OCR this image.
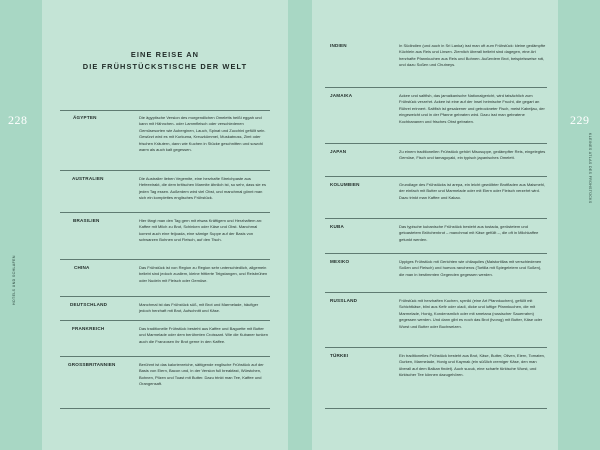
228	229
HOTELS UND SCHLAFEN
KLEINES ATLAS DES FRÜHSTÜCKS
EINE REISE AN
DIE FRÜHSTÜCKSTISCHE DER WELT
ÄGYPTEN	Die ägyptische Version des morgendlichen Omeletts heißt eggah und kann mit Hähnchen- oder Lammfleisch oder verschiedenen Gemüsesorten wie Auberginen, Lauch, Spinat und Zucchini gefüllt sein. Gewürzt wird es mit Kurkuma, Kreuzkümmel, Muskatnuss, Zimt oder frischen Kräutern, dann wie Kuchen in Stücke geschnitten und sowohl warm als auch kalt gegessen.
AUSTRALIEN	Die Australier lieben Vegemite, eine herzhafte Streichpaste aus Hefeextrakt, die dem britischen Marmite ähnlich ist, so sehr, dass sie es jeden Tag essen. Außerdem wird viel Obst, und manchmal gönnt man sich ein komplettes englisches Frühstück.
BRASILIEN	Hier fängt man den Tag gern mit etwas Kräftigem und Herzhaftem an: Kaffee mit Milch zu Brot, Schinken oder Käse und Obst. Manchmal kommt auch eine feijoada, eine sämige Suppe auf der Basis von schwarzen Bohnen und Fleisch, auf den Tisch.
CHINA	Das Frühstück ist von Region zu Region sehr unterschiedlich, allgemein beliebt sind jedoch zuallem, kleine frittierte Teigstangen, und Reisbrühen oder Nudeln mit Fleisch oder Gemüse.
DEUTSCHLAND	Manchmal ist das Frühstück süß, mit Brot und Marmelade, häufiger jedoch herzhaft mit Brot, Aufschnitt und Käse.
FRANKREICH	Das traditionelle Frühstück besteht aus Kaffee und Baguette mit Butter und Marmelade oder dem berühmten Croissant. Wie die Kubaner tunken auch die Franzosen ihr Brot gerne in den Kaffee.
GROSSBRITANNIEN	Berühmt ist das kalorienreiche, sättigende englische Frühstück auf der Basis von Eiern, Bacon und, in der Version full breakfast, Würstchen, Bohnen, Pilzen und Toast mit Butter. Dazu trinkt man Tee, Kaffee und Orangensaft.
INDIEN	In Südindien (und auch in Sri Lanka) isst man oft zum Frühstück: kleine gedämpfte Küchlein aus Reis und Linsen. Ziemlich überall beliebt sind dagegen, eine Art herzhafte Pfannkuchen aus Reis und Bohnen. Außerdem Brot, beispielsweise roti, und dazu Soßen und Chutneys.
JAMAIKA	Ackee und saltfish, das jamaikanische Nationalgericht, wird tatsächlich zum Frühstück verzehrt. Ackee ist eine auf der Insel heimische Frucht, die gegart an Rührei erinnert. Saltfish ist gesalzener und getrockneter Fisch, meist Kabeljau, der eingeweicht und in der Pfanne gebraten wird. Dazu isst man gebratene Kochbananen und frisches Obst gebraten.
JAPAN	Zu einem traditionellen Frühstück gehört Misosuppe, gedämpfter Reis, eingelegtes Gemüse, Fisch und tamagoyaki, ein typisch japanisches Omelett.
KOLUMBIEN	Grundlage des Frühstücks ist arepa, ein leicht gewölbter Brotfladen aus Maismehl, der einfach mit Butter und Marmelade oder mit Eiern oder Fleisch verzehrt wird. Dazu trinkt man Kaffee und Kakao.
KUBA	Das typische kubanische Frühstück besteht aus tostada, geröstetem und getoastetem Brötchenbrot – manchmal mit Käse gefüllt –, die oft in Milchkaffee getunkt werden.
MEXIKO	Üppiges Frühstück mit Gerichten wie chilaquiles (Maistortillas mit verschiedenen Soßen und Fleisch) und huevos rancheros (Tortilla mit Spiegeleiern und Soßen), die man in bestimmten Gegenden gegessen werden.
RUSSLAND	Frühstück mit herzhaften Kuchen, syrniki (eine Art Pfannkuchen), gefüllt mit Schichtkäse, blini aus Kefir oder oladi, dicke und luftige Pfannkuchen, die mit Marmelade, Honig, Kondensmilch oder mit smetana (russischer Sauerrahm) gegessen werden. Und dann gibt es noch das Brot (tvorog) mit Butter, Käse oder Wurst und Butter oder Buchweizen.
TÜRKEI	Ein traditionelles Frühstück besteht aus Brot, Käse, Butter, Oliven, Eiern, Tomaten, Gurken, Marmelade, Honig und Kaymak (ein süßlich cremiger Käse, den man überall auf dem Balkan findet). Auch sucuk, eine scharfe türkische Wurst, und türkischer Tee können dazugehören.
